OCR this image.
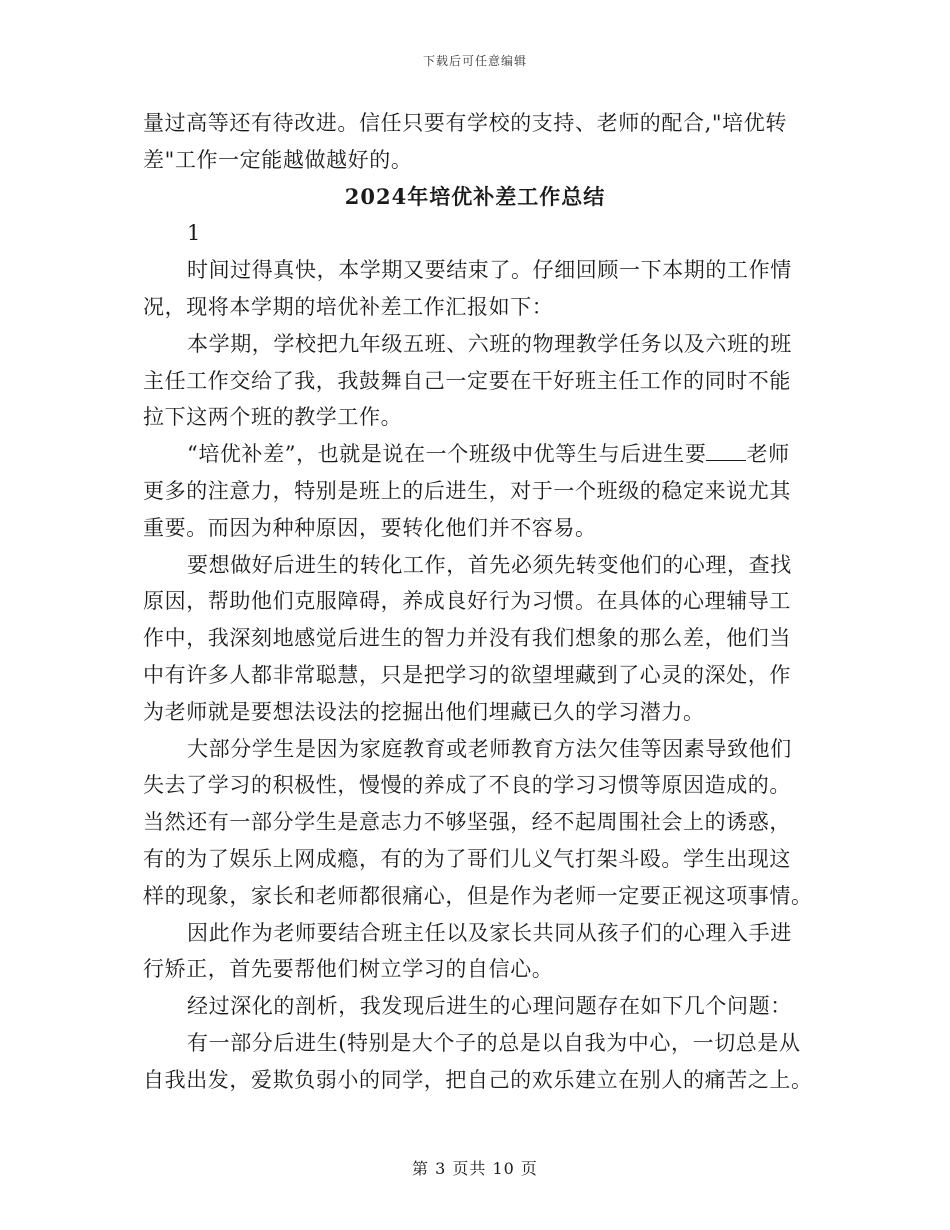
下载后可任意编辑
量过高等还有待改进。信任只要有学校的支持、老师的配合,"培优转
差"工作一定能越做越好的。
2024年培优补差工作总结
1
时间过得真快，本学期又要结束了。仔细回顾一下本期的工作情
况，现将本学期的培优补差工作汇报如下：
本学期，学校把九年级五班、六班的物理教学任务以及六班的班
主任工作交给了我，我鼓舞自己一定要在干好班主任工作的同时不能
拉下这两个班的教学工作。
“培优补差”，也就是说在一个班级中优等生与后进生要 老师
更多的注意力，特别是班上的后进生，对于一个班级的稳定来说尤其
重要。而因为种种原因，要转化他们并不容易。
要想做好后进生的转化工作，首先必须先转变他们的心理，查找
原因，帮助他们克服障碍，养成良好行为习惯。在具体的心理辅导工
作中，我深刻地感觉后进生的智力并没有我们想象的那么差，他们当
中有许多人都非常聪慧，只是把学习的欲望埋藏到了心灵的深处，作
为老师就是要想法设法的挖掘出他们埋藏已久的学习潜力。
大部分学生是因为家庭教育或老师教育方法欠佳等因素导致他们
失去了学习的积极性，慢慢的养成了不良的学习习惯等原因造成的。
当然还有一部分学生是意志力不够坚强，经不起周围社会上的诱惑，
有的为了娱乐上网成瘾，有的为了哥们儿义气打架斗殴。学生出现这
样的现象，家长和老师都很痛心，但是作为老师一定要正视这项事情。
因此作为老师要结合班主任以及家长共同从孩子们的心理入手进
行矫正，首先要帮他们树立学习的自信心。
经过深化的剖析，我发现后进生的心理问题存在如下几个问题：
有一部分后进生(特别是大个子的总是以自我为中心，一切总是从
自我出发，爱欺负弱小的同学，把自己的欢乐建立在别人的痛苦之上。
第 3 页共 10 页
